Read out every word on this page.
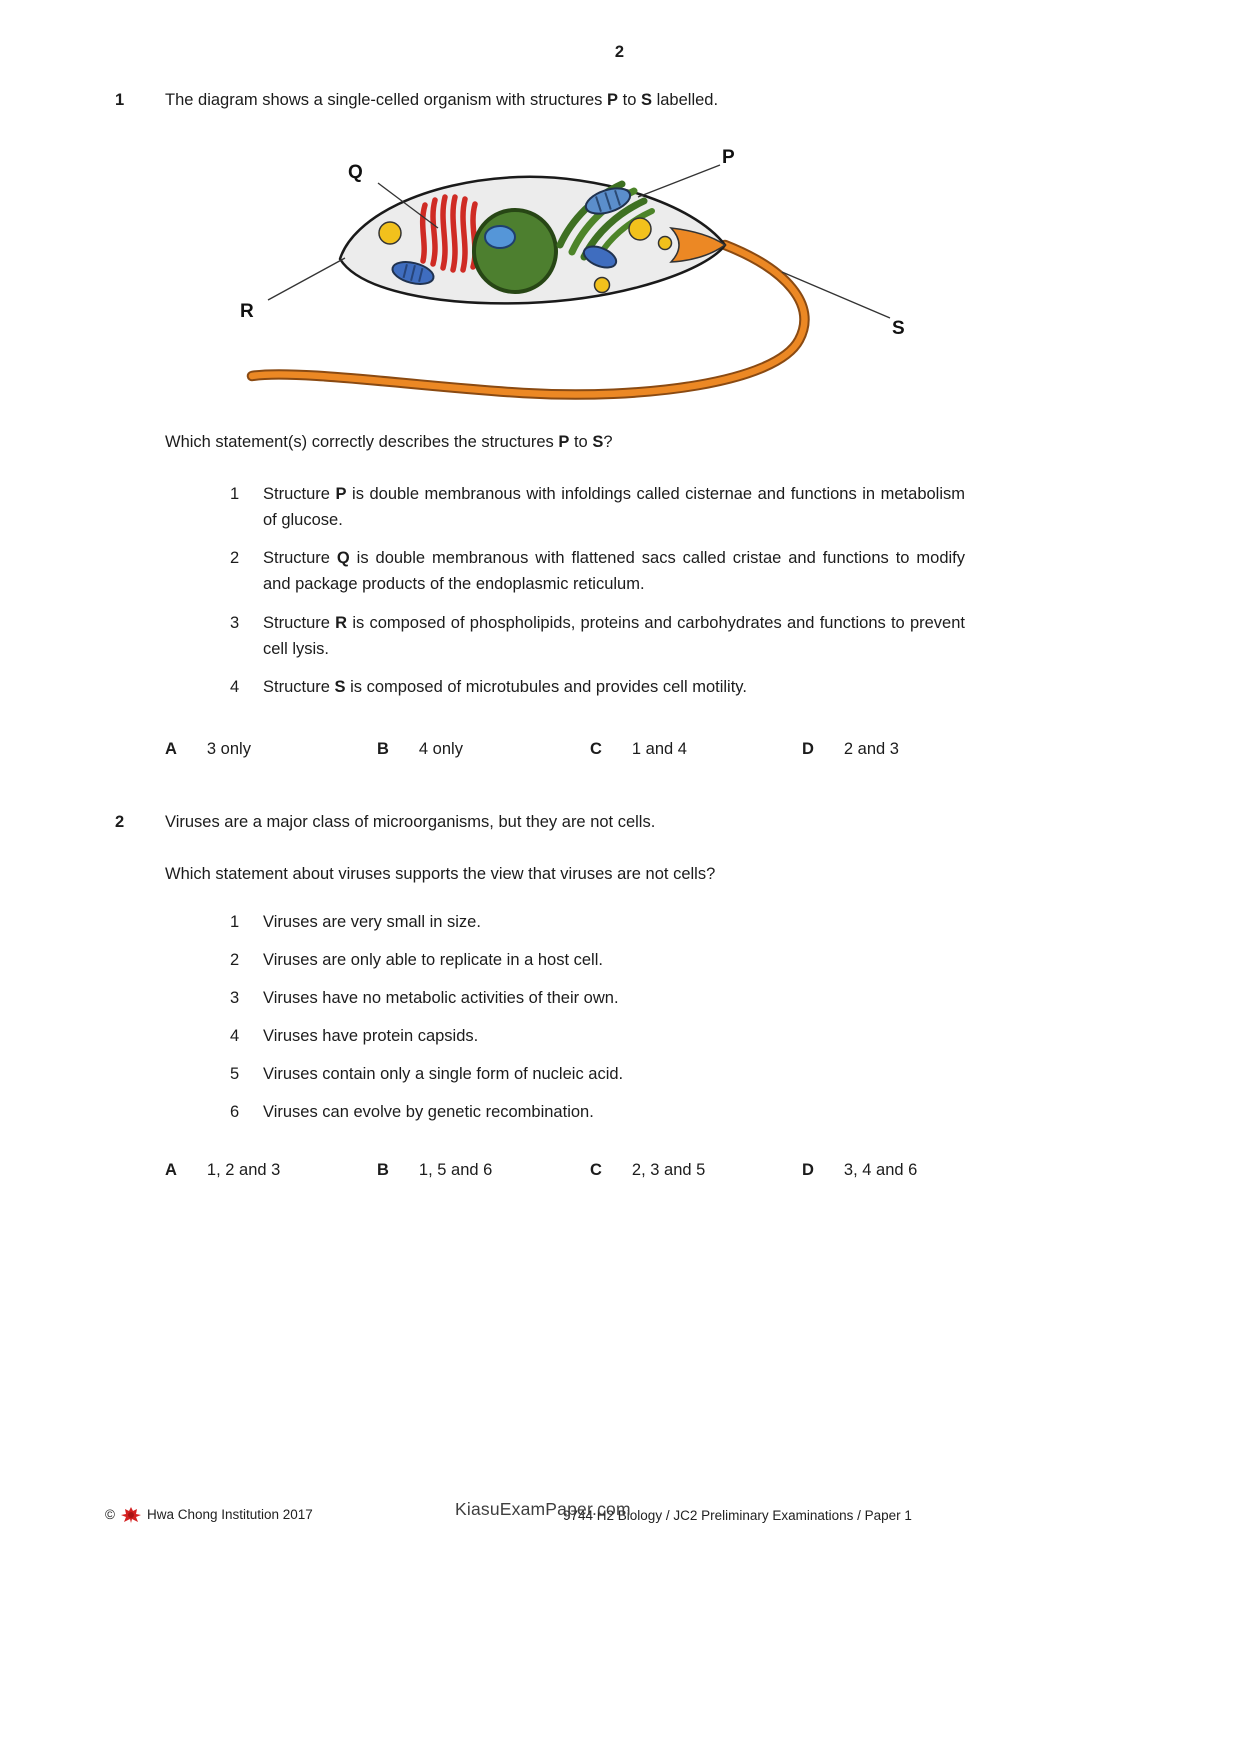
2
1 The diagram shows a single-celled organism with structures P to S labelled.
Q
P
R
S
Which statement(s) correctly describes the structures P to S?
1	Structure P is double membranous with infoldings called cisternae and functions in metabolism of glucose.
2	Structure Q is double membranous with flattened sacs called cristae and functions to modify and package products of the endoplasmic reticulum.
3	Structure R is composed of phospholipids, proteins and carbohydrates and functions to prevent cell lysis.
4	Structure S is composed of microtubules and provides cell motility.
A 3 only	B 4 only	C 1 and 4	D 2 and 3
2 Viruses are a major class of microorganisms, but they are not cells.
Which statement about viruses supports the view that viruses are not cells?
1	Viruses are very small in size.
2	Viruses are only able to replicate in a host cell.
3	Viruses have no metabolic activities of their own.
4	Viruses have protein capsids.
5	Viruses contain only a single form of nucleic acid.
6	Viruses can evolve by genetic recombination.
A 1, 2 and 3	B 1, 5 and 6	C 2, 3 and 5	D 3, 4 and 6
© Hwa Chong Institution 2017	KiasuExamPaper.com
9744 H2 Biology / JC2 Preliminary Examinations / Paper 1
